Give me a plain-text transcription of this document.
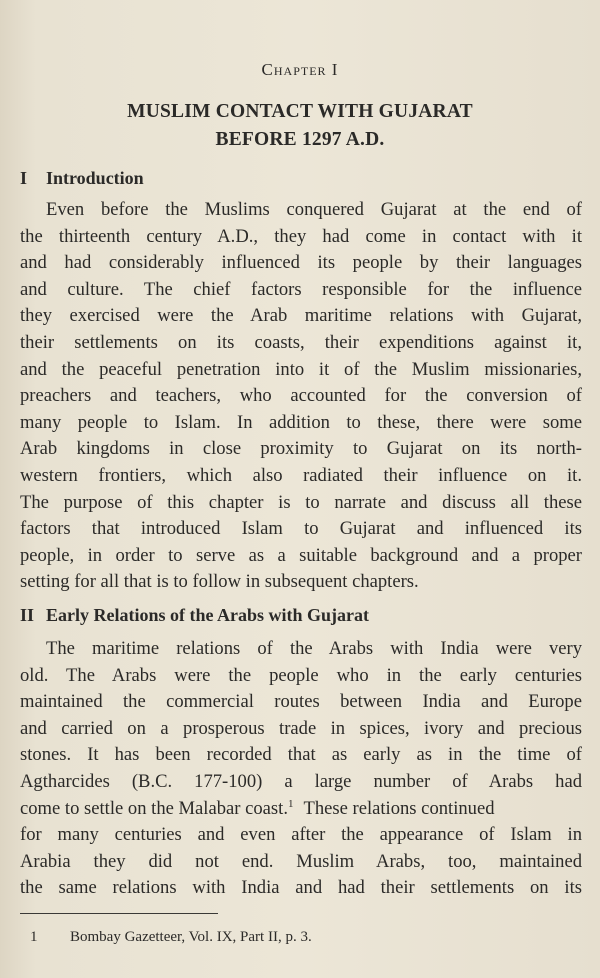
Chapter I
MUSLIM CONTACT WITH GUJARAT
BEFORE 1297 A.D.
I Introduction
Even before the Muslims conquered Gujarat at the end of
the thirteenth century A.D., they had come in contact with it
and had considerably influenced its people by their languages
and culture. The chief factors responsible for the influence
they exercised were the Arab maritime relations with Gujarat,
their settlements on its coasts, their expenditions against it,
and the peaceful penetration into it of the Muslim missionaries,
preachers and teachers, who accounted for the conversion of
many people to Islam. In addition to these, there were some
Arab kingdoms in close proximity to Gujarat on its north-
western frontiers, which also radiated their influence on it.
The purpose of this chapter is to narrate and discuss all these
factors that introduced Islam to Gujarat and influenced its
people, in order to serve as a suitable background and a proper
setting for all that is to follow in subsequent chapters.
II Early Relations of the Arabs with Gujarat
The maritime relations of the Arabs with India were very
old. The Arabs were the people who in the early centuries
maintained the commercial routes between India and Europe
and carried on a prosperous trade in spices, ivory and precious
stones. It has been recorded that as early as in the time of
Agtharcides (B.C. 177-100) a large number of Arabs had
come to settle on the Malabar coast.$^1$ These relations continued
for many centuries and even after the appearance of Islam in
Arabia they did not end. Muslim Arabs, too, maintained
the same relations with India and had their settlements on its
1 Bombay Gazetteer, Vol. IX, Part II, p. 3.
